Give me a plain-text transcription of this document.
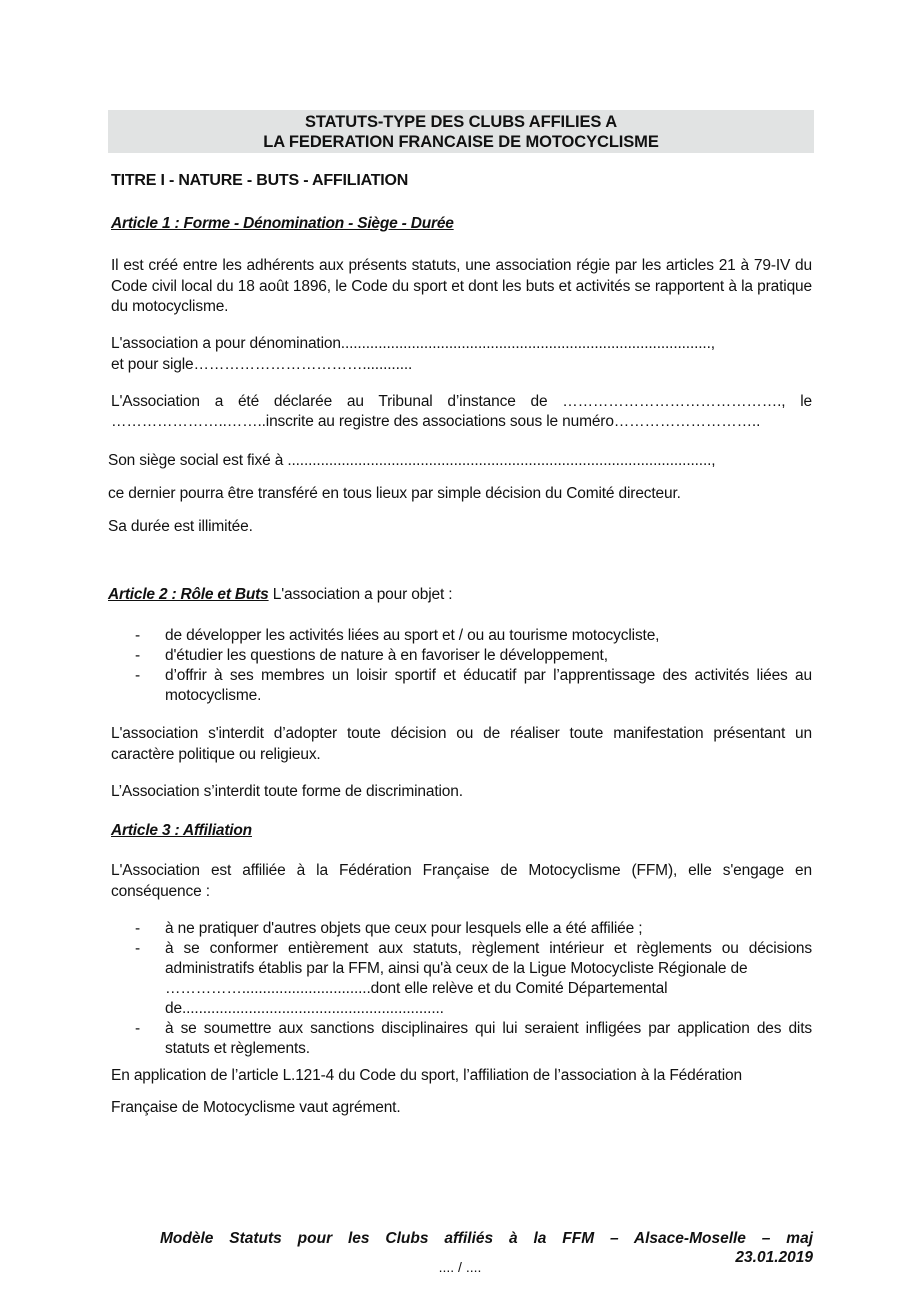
STATUTS-TYPE DES CLUBS AFFILIES A
LA FEDERATION FRANCAISE DE MOTOCYCLISME
TITRE I - NATURE - BUTS - AFFILIATION
Article 1 : Forme - Dénomination - Siège - Durée
Il est créé entre les adhérents aux présents statuts, une association régie par les articles 21 à 79-IV du Code civil local du 18 août 1896, le Code du sport et dont les buts et activités se rapportent à la pratique du motocyclisme.
L'association a pour dénomination.........................................................................................,
et pour sigle……………………………............
L'Association a été déclarée au Tribunal d’instance de ……………………………………., le
…………………..……..inscrite au registre des associations sous le numéro………………………..
Son siège social est fixé à ......................................................................................................,
ce dernier pourra être transféré en tous lieux par simple décision du Comité directeur.
Sa durée est illimitée.
Article 2 : Rôle et Buts L'association a pour objet :
-	de développer les activités liées au sport et / ou au tourisme motocycliste,
-	d'étudier les questions de nature à en favoriser le développement,
-	d’offrir à ses membres un loisir sportif et éducatif par l’apprentissage des activités liées au motocyclisme.
L'association s'interdit d’adopter toute décision ou de réaliser toute manifestation présentant un caractère politique ou religieux.
L’Association s’interdit toute forme de discrimination.
Article 3 : Affiliation
L'Association est affiliée à la Fédération Française de Motocyclisme (FFM), elle s'engage en conséquence :
-	à ne pratiquer d'autres objets que ceux pour lesquels elle a été affiliée ;
-	à se conformer entièrement aux statuts, règlement intérieur et règlements ou décisions administratifs établis par la FFM, ainsi qu'à ceux de la Ligue Motocycliste Régionale de
……………...............................dont elle relève et du Comité Départemental
de...............................................................
-	à se soumettre aux sanctions disciplinaires qui lui seraient infligées par application des dits statuts et règlements.
En application de l’article L.121-4 du Code du sport, l’affiliation de l’association à la Fédération
Française de Motocyclisme vaut agrément.
Modèle Statuts pour les Clubs affiliés à la FFM – Alsace-Moselle – maj
23.01.2019
.... / ....
